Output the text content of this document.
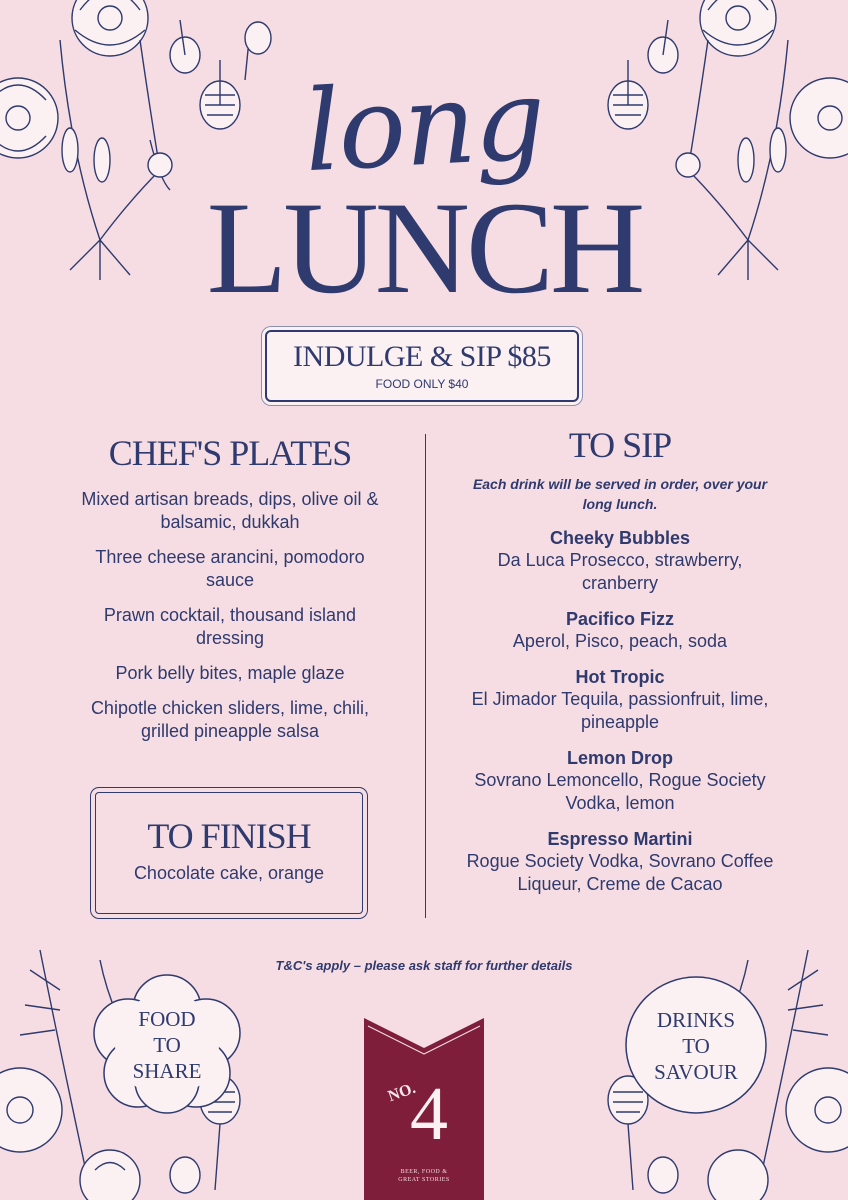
long
LUNCH
INDULGE & SIP $85
FOOD ONLY $40
CHEF'S PLATES
Mixed artisan breads, dips, olive oil & balsamic, dukkah
Three cheese arancini, pomodoro sauce
Prawn cocktail, thousand island dressing
Pork belly bites, maple glaze
Chipotle chicken sliders, lime, chili, grilled pineapple salsa
TO FINISH
Chocolate cake, orange
TO SIP
Each drink will be served in order, over your long lunch.
Cheeky Bubbles
Da Luca Prosecco, strawberry, cranberry
Pacifico Fizz
Aperol, Pisco, peach, soda
Hot Tropic
El Jimador Tequila, passionfruit, lime, pineapple
Lemon Drop
Sovrano Lemoncello, Rogue Society Vodka, lemon
Espresso Martini
Rogue Society Vodka, Sovrano Coffee Liqueur, Creme de Cacao
T&C's apply – please ask staff for further details
FOOD
TO
SHARE
DRINKS
TO
SAVOUR
NO.
4
BEER, FOOD &
GREAT STORIES
